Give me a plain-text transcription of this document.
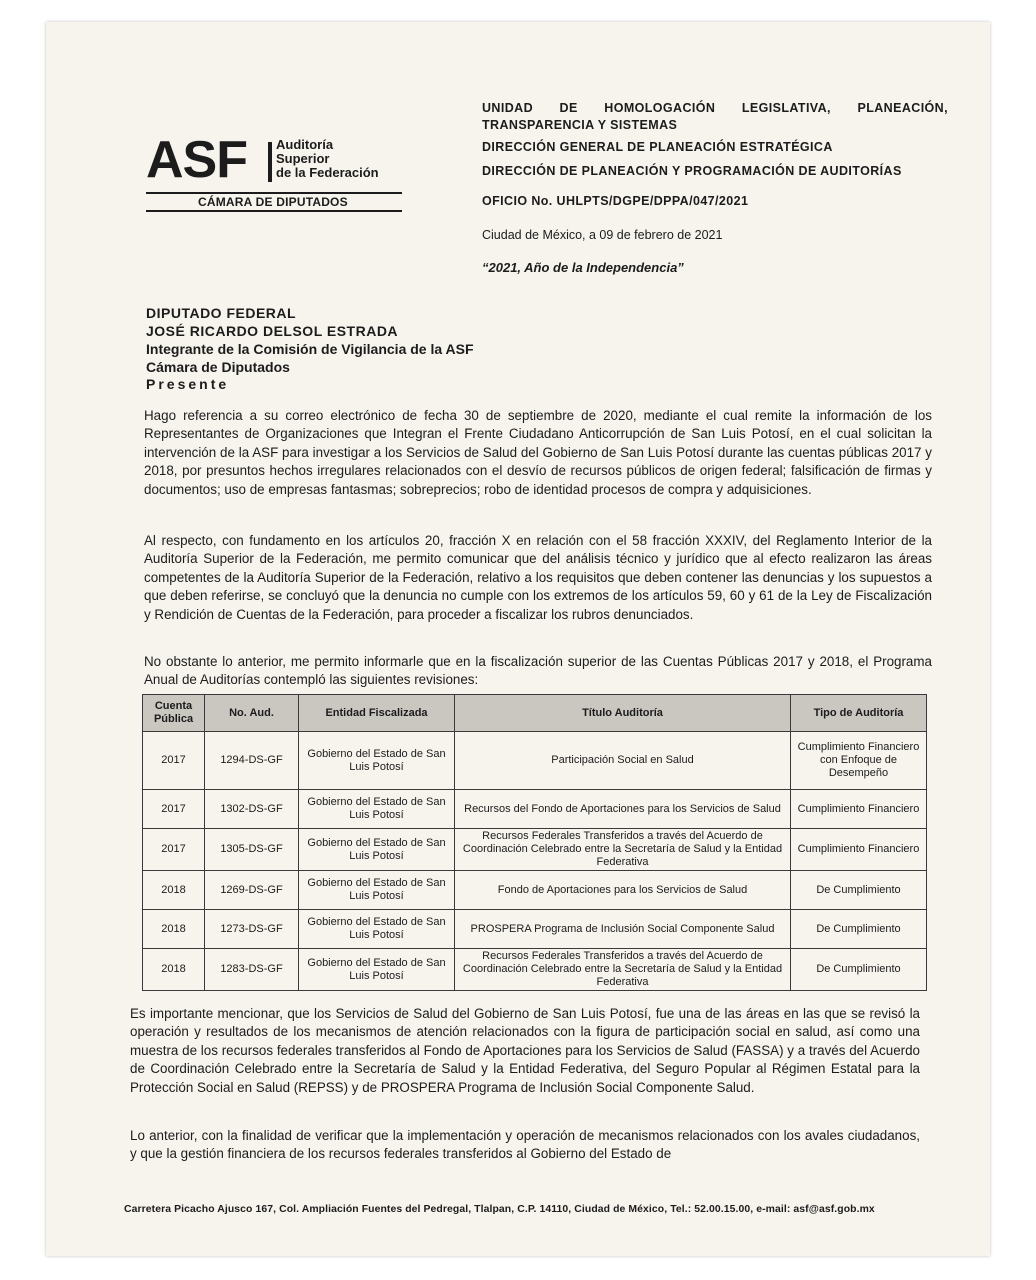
ASF Auditoría
Superior
de la Federación
CÁMARA DE DIPUTADOS
UNIDAD DE HOMOLOGACIÓN LEGISLATIVA, PLANEACIÓN, TRANSPARENCIA Y SISTEMAS
DIRECCIÓN GENERAL DE PLANEACIÓN ESTRATÉGICA
DIRECCIÓN DE PLANEACIÓN Y PROGRAMACIÓN DE AUDITORÍAS
OFICIO No. UHLPTS/DGPE/DPPA/047/2021
Ciudad de México, a 09 de febrero de 2021
“2021, Año de la Independencia”
DIPUTADO FEDERAL
JOSÉ RICARDO DELSOL ESTRADA
Integrante de la Comisión de Vigilancia de la ASF
Cámara de Diputados
Presente

Hago referencia a su correo electrónico de fecha 30 de septiembre de 2020, mediante el cual remite la información de los Representantes de Organizaciones que Integran el Frente Ciudadano Anticorrupción de San Luis Potosí, en el cual solicitan la intervención de la ASF para investigar a los Servicios de Salud del Gobierno de San Luis Potosí durante las cuentas públicas 2017 y 2018, por presuntos hechos irregulares relacionados con el desvío de recursos públicos de origen federal; falsificación de firmas y documentos; uso de empresas fantasmas; sobreprecios; robo de identidad procesos de compra y adquisiciones.

Al respecto, con fundamento en los artículos 20, fracción X en relación con el 58 fracción XXXIV, del Reglamento Interior de la Auditoría Superior de la Federación, me permito comunicar que del análisis técnico y jurídico que al efecto realizaron las áreas competentes de la Auditoría Superior de la Federación, relativo a los requisitos que deben contener las denuncias y los supuestos a que deben referirse, se concluyó que la denuncia no cumple con los extremos de los artículos 59, 60 y 61 de la Ley de Fiscalización y Rendición de Cuentas de la Federación, para proceder a fiscalizar los rubros denunciados.

No obstante lo anterior, me permito informarle que en la fiscalización superior de las Cuentas Públicas 2017 y 2018, el Programa Anual de Auditorías contempló las siguientes revisiones:

Cuenta Pública	No. Aud.	Entidad Fiscalizada	Título Auditoría	Tipo de Auditoría
2017	1294-DS-GF	Gobierno del Estado de San Luis Potosí	Participación Social en Salud	Cumplimiento Financiero con Enfoque de Desempeño
2017	1302-DS-GF	Gobierno del Estado de San Luis Potosí	Recursos del Fondo de Aportaciones para los Servicios de Salud	Cumplimiento Financiero
2017	1305-DS-GF	Gobierno del Estado de San Luis Potosí	Recursos Federales Transferidos a través del Acuerdo de Coordinación Celebrado entre la Secretaría de Salud y la Entidad Federativa	Cumplimiento Financiero
2018	1269-DS-GF	Gobierno del Estado de San Luis Potosí	Fondo de Aportaciones para los Servicios de Salud	De Cumplimiento
2018	1273-DS-GF	Gobierno del Estado de San Luis Potosí	PROSPERA Programa de Inclusión Social Componente Salud	De Cumplimiento
2018	1283-DS-GF	Gobierno del Estado de San Luis Potosí	Recursos Federales Transferidos a través del Acuerdo de Coordinación Celebrado entre la Secretaría de Salud y la Entidad Federativa	De Cumplimiento

Es importante mencionar, que los Servicios de Salud del Gobierno de San Luis Potosí, fue una de las áreas en las que se revisó la operación y resultados de los mecanismos de atención relacionados con la figura de participación social en salud, así como una muestra de los recursos federales transferidos al Fondo de Aportaciones para los Servicios de Salud (FASSA) y a través del Acuerdo de Coordinación Celebrado entre la Secretaría de Salud y la Entidad Federativa, del Seguro Popular al Régimen Estatal para la Protección Social en Salud (REPSS) y de PROSPERA Programa de Inclusión Social Componente Salud.

Lo anterior, con la finalidad de verificar que la implementación y operación de mecanismos relacionados con los avales ciudadanos, y que la gestión financiera de los recursos federales transferidos al Gobierno del Estado de

Carretera Picacho Ajusco 167, Col. Ampliación Fuentes del Pedregal, Tlalpan, C.P. 14110, Ciudad de México, Tel.: 52.00.15.00, e-mail: asf@asf.gob.mx
